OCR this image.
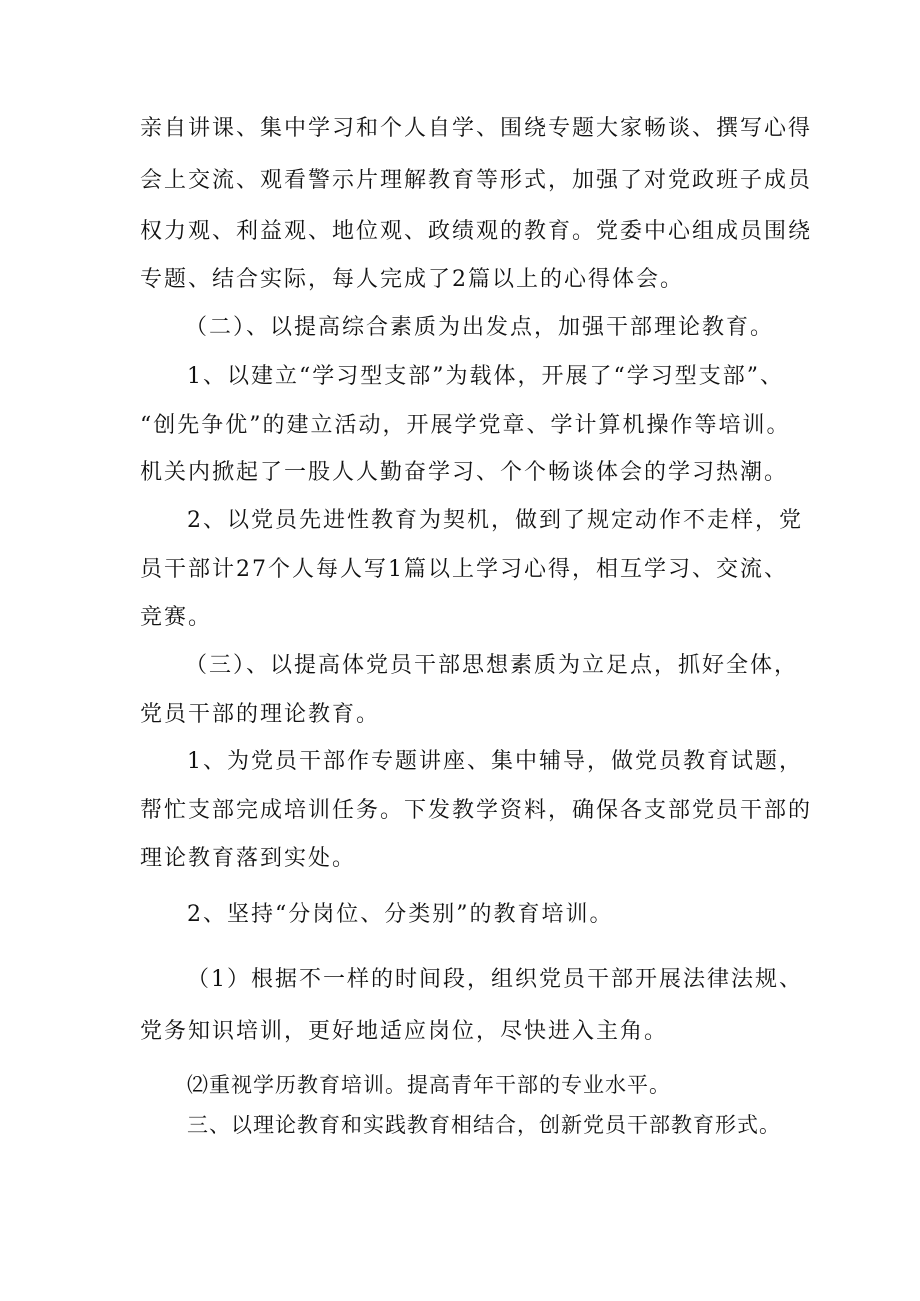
亲自讲课、集中学习和个人自学、围绕专题大家畅谈、撰写心得
会上交流、观看警示片理解教育等形式，加强了对党政班子成员
权力观、利益观、地位观、政绩观的教育。党委中心组成员围绕
专题、结合实际，每人完成了2篇以上的心得体会。
（二）、以提高综合素质为出发点，加强干部理论教育。
1、以建立“学习型支部”为载体，开展了“学习型支部”、
“创先争优”的建立活动，开展学党章、学计算机操作等培训。
机关内掀起了一股人人勤奋学习、个个畅谈体会的学习热潮。
2、以党员先进性教育为契机，做到了规定动作不走样，党
员干部计27个人每人写1篇以上学习心得，相互学习、交流、
竞赛。
（三）、以提高体党员干部思想素质为立足点，抓好全体，
党员干部的理论教育。
1、为党员干部作专题讲座、集中辅导，做党员教育试题，
帮忙支部完成培训任务。下发教学资料，确保各支部党员干部的
理论教育落到实处。
2、坚持“分岗位、分类别”的教育培训。
（1）根据不一样的时间段，组织党员干部开展法律法规、
党务知识培训，更好地适应岗位，尽快进入主角。
⑵重视学历教育培训。提高青年干部的专业水平。
三、以理论教育和实践教育相结合，创新党员干部教育形式。
